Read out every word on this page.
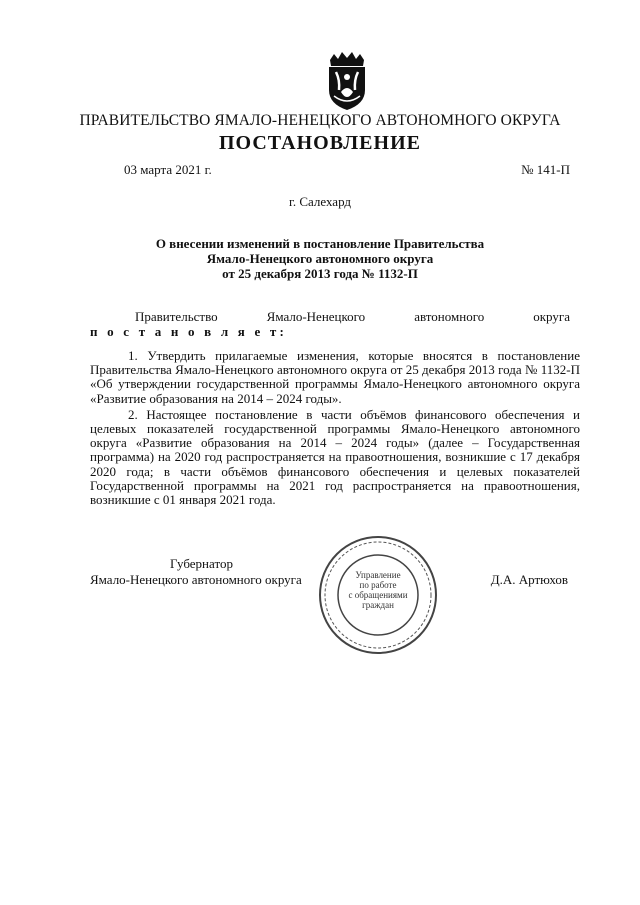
ПРАВИТЕЛЬСТВО ЯМАЛО-НЕНЕЦКОГО АВТОНОМНОГО ОКРУГА
ПОСТАНОВЛЕНИЕ
03 марта 2021 г.	№ 141-П
г. Салехард
О внесении изменений в постановление Правительства
Ямало-Ненецкого автономного округа
от 25 декабря 2013 года № 1132-П
Правительство	Ямало-Ненецкого	автономного	округа
п о с т а н о в л я е т:

1. Утвердить прилагаемые изменения, которые вносятся в постановление Правительства Ямало-Ненецкого автономного округа от 25 декабря 2013 года № 1132-П «Об утверждении государственной программы Ямало-Ненецкого автономного округа «Развитие образования на 2014 – 2024 годы».

2. Настоящее постановление в части объёмов финансового обеспечения и целевых показателей государственной программы Ямало-Ненецкого автономного округа «Развитие образования на 2014 – 2024 годы» (далее – Государственная программа) на 2020 год распространяется на правоотношения, возникшие с 17 декабря 2020 года; в части объёмов финансового обеспечения и целевых показателей Государственной программы на 2021 год распространяется на правоотношения, возникшие с 01 января 2021 года.

Управление
по работе
с обращениями
граждан
Губернатор
Ямало-Ненецкого автономного округа	Д.А. Артюхов
